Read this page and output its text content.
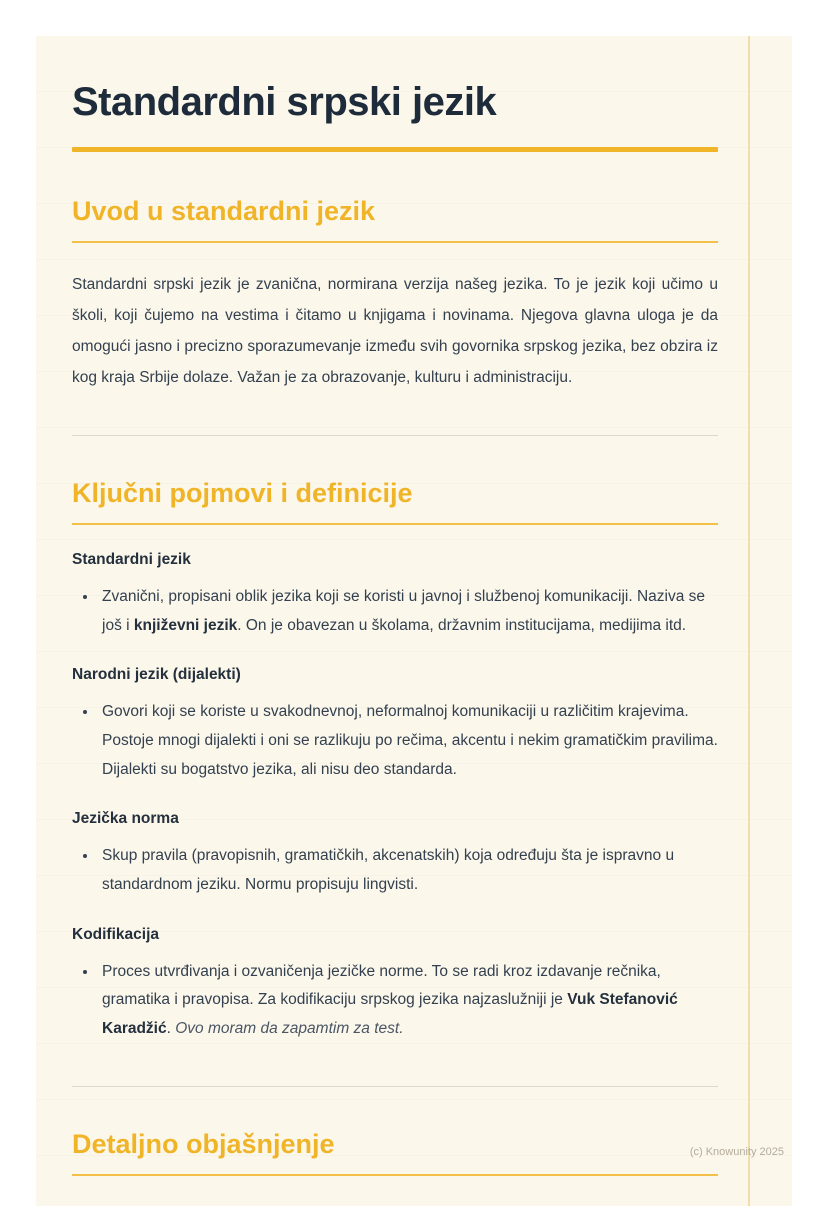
Standardni srpski jezik
Uvod u standardni jezik

Standardni srpski jezik je zvanična, normirana verzija našeg jezika. To je jezik koji učimo u školi, koji čujemo na vestima i čitamo u knjigama i novinama. Njegova glavna uloga je da omogući jasno i precizno sporazumevanje između svih govornika srpskog jezika, bez obzira iz kog kraja Srbije dolaze. Važan je za obrazovanje, kulturu i administraciju.

Ključni pojmovi i definicije
Standardni jezik
• Zvanični, propisani oblik jezika koji se koristi u javnoj i službenoj komunikaciji. Naziva se još i književni jezik. On je obavezan u školama, državnim institucijama, medijima itd.
Narodni jezik (dijalekti)
• Govori koji se koriste u svakodnevnoj, neformalnoj komunikaciji u različitim krajevima. Postoje mnogi dijalekti i oni se razlikuju po rečima, akcentu i nekim gramatičkim pravilima. Dijalekti su bogatstvo jezika, ali nisu deo standarda.
Jezička norma
• Skup pravila (pravopisnih, gramatičkih, akcenatskih) koja određuju šta je ispravno u standardnom jeziku. Normu propisuju lingvisti.
Kodifikacija
• Proces utvrđivanja i ozvaničenja jezičke norme. To se radi kroz izdavanje rečnika, gramatika i pravopisa. Za kodifikaciju srpskog jezika najzaslužniji je Vuk Stefanović Karadžić. Ovo moram da zapamtim za test.
Detaljno objašnjenje	(c) Knowunity 2025
